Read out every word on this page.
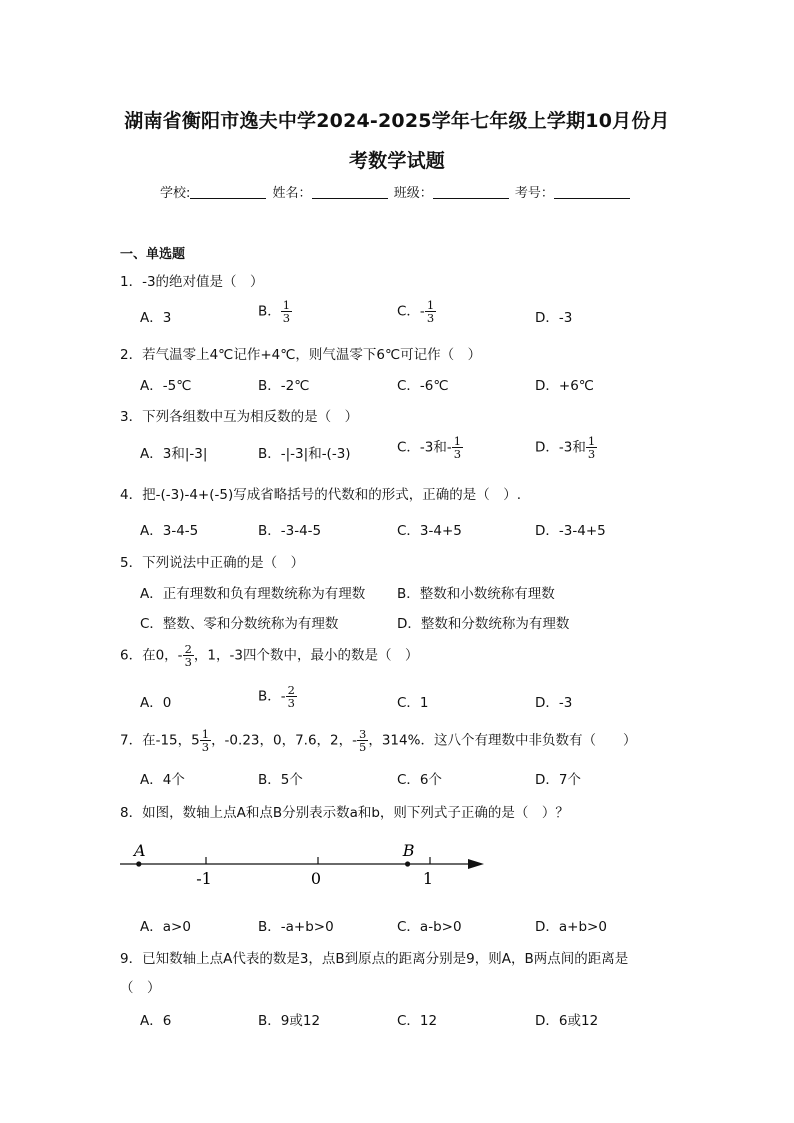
湖南省衡阳市逸夫中学2024-2025学年七年级上学期10月份月
考数学试题
学校:	姓名：	班级：	考号：
一、单选题
1．-3的绝对值是（　）
A．3	B． $\frac{1}{3}$	C．- $\frac{1}{3}$	D．-3
2．若气温零上4℃记作+4℃，则气温零下6℃可记作（　）
A．-5℃	B．-2℃	C．-6℃	D．+6℃
3．下列各组数中互为相反数的是（　）
A．3和|-3|	B．-|-3|和-(-3)	C．-3和- $\frac{1}{3}$	D．-3和 $\frac{1}{3}$
4．把-(-3)-4+(-5)写成省略括号的代数和的形式，正确的是（　）.
A．3-4-5	B．-3-4-5	C．3-4+5	D．-3-4+5
5．下列说法中正确的是（　）
A．正有理数和负有理数统称为有理数 B．整数和小数统称有理数
C．整数、零和分数统称为有理数	D．整数和分数统称为有理数
6．在0，- $\frac{2}{3}$ ，1，-3四个数中，最小的数是（　）
A．0	B．- $\frac{2}{3}$	C．1	D．-3
7．在-15，$5 \frac{1}{3}$ ，-0.23，0，7.6，2，- $\frac{3}{5}$ ，314%．这八个有理数中非负数有（　　）
A．4个	B．5个	C．6个	D．7个
8．如图，数轴上点A和点B分别表示数a和b，则下列式子正确的是（　）？
-1	0	1
A	B
A．a>0	B．-a+b>0	C．a-b>0	D．a+b>0
9．已知数轴上点A代表的数是3，点B到原点的距离分别是9，则A，B两点间的距离是
（　）
A．6	B．9或12	C．12	D．6或12
